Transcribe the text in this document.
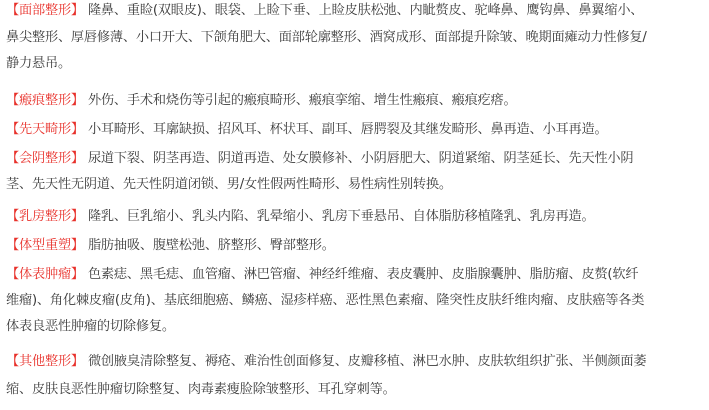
【面部整形】 隆鼻、重睑(双眼皮)、眼袋、上睑下垂、上睑皮肤松弛、内眦赘皮、驼峰鼻、鹰钩鼻、鼻翼缩小、
鼻尖整形、厚唇修薄、小口开大、下颌角肥大、面部轮廓整形、酒窝成形、面部提升除皱、晚期面瘫动力性修复/
静力悬吊。
【瘢痕整形】 外伤、手术和烧伤等引起的瘢痕畸形、瘢痕挛缩、增生性瘢痕、瘢痕疙瘩。
【先天畸形】 小耳畸形、耳廓缺损、招风耳、杯状耳、副耳、唇腭裂及其继发畸形、鼻再造、小耳再造。
【会阴整形】 尿道下裂、阴茎再造、阴道再造、处女膜修补、小阴唇肥大、阴道紧缩、阴茎延长、先天性小阴
茎、先天性无阴道、先天性阴道闭锁、男/女性假两性畸形、易性病性别转换。
【乳房整形】 隆乳、巨乳缩小、乳头内陷、乳晕缩小、乳房下垂悬吊、自体脂肪移植隆乳、乳房再造。
【体型重塑】 脂肪抽吸、腹壁松弛、脐整形、臀部整形。
【体表肿瘤】 色素痣、黑毛痣、血管瘤、淋巴管瘤、神经纤维瘤、表皮囊肿、皮脂腺囊肿、脂肪瘤、皮赘(软纤
维瘤)、角化棘皮瘤(皮角)、基底细胞癌、鳞癌、湿疹样癌、恶性黑色素瘤、隆突性皮肤纤维肉瘤、皮肤癌等各类
体表良恶性肿瘤的切除修复。
【其他整形】 微创腋臭清除整复、褥疮、难治性创面修复、皮瓣移植、淋巴水肿、皮肤软组织扩张、半侧颜面萎
缩、皮肤良恶性肿瘤切除整复、肉毒素瘦脸除皱整形、耳孔穿刺等。
